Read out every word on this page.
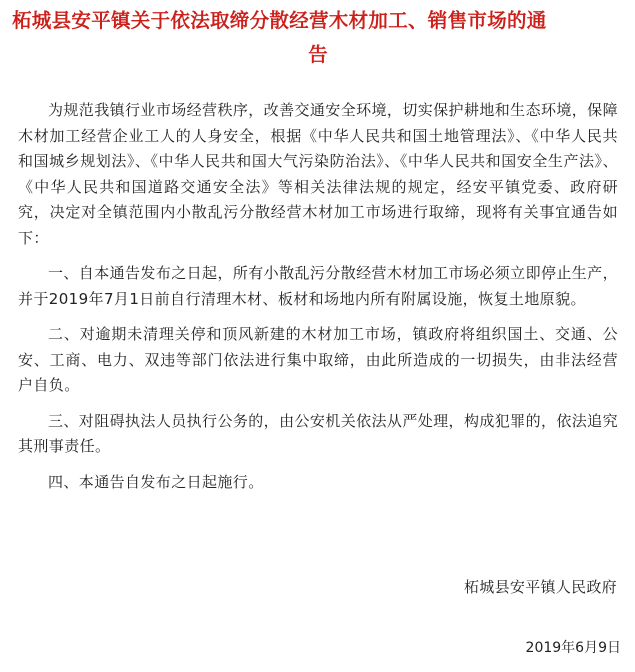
柘城县安平镇关于依法取缔分散经营木材加工、销售市场的通
告

为规范我镇行业市场经营秩序，改善交通安全环境，切实保护耕地和生态环境，保障木材加工经营企业工人的人身安全，根据《中华人民共和国土地管理法》、《中华人民共和国城乡规划法》、《中华人民共和国大气污染防治法》、《中华人民共和国安全生产法》、《中华人民共和国道路交通安全法》等相关法律法规的规定，经安平镇党委、政府研究，决定对全镇范围内小散乱污分散经营木材加工市场进行取缔，现将有关事宜通告如下：

一、自本通告发布之日起，所有小散乱污分散经营木材加工市场必须立即停止生产，并于2019年7月1日前自行清理木材、板材和场地内所有附属设施，恢复土地原貌。

二、对逾期未清理关停和顶风新建的木材加工市场，镇政府将组织国土、交通、公安、工商、电力、双违等部门依法进行集中取缔，由此所造成的一切损失，由非法经营户自负。

三、对阻碍执法人员执行公务的，由公安机关依法从严处理，构成犯罪的，依法追究其刑事责任。

四、本通告自发布之日起施行。

柘城县安平镇人民政府
2019年6月9日
